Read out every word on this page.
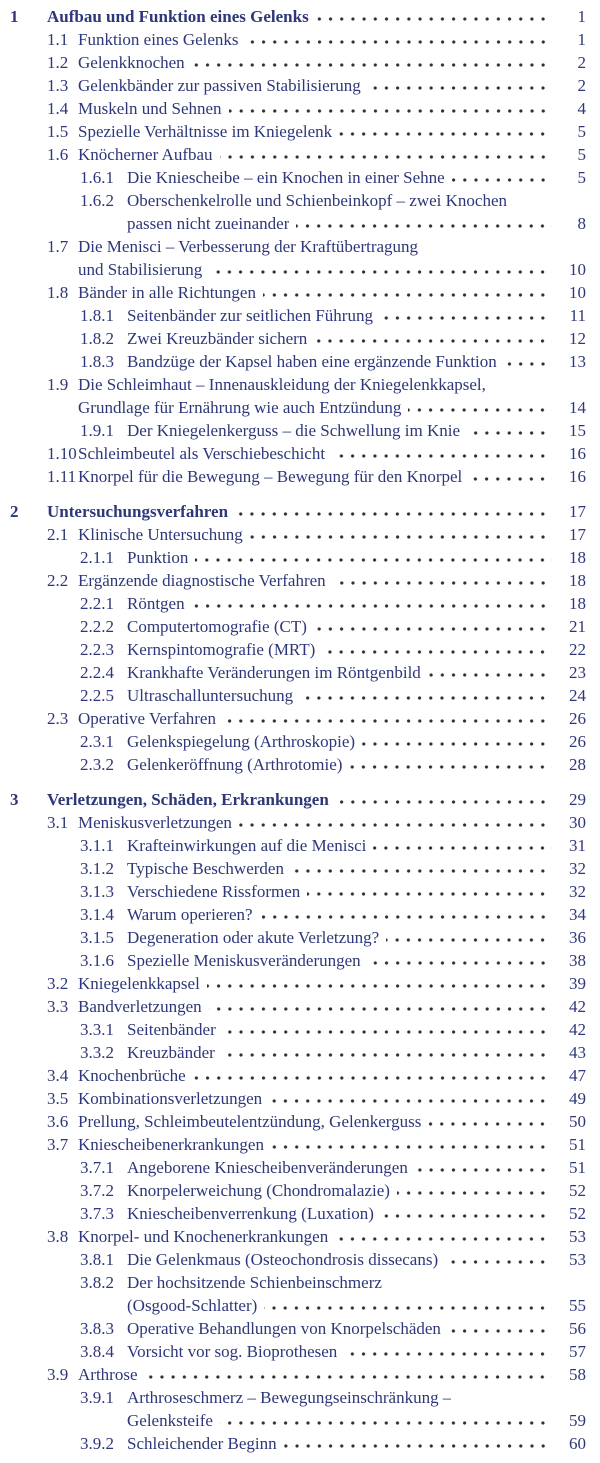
1	Aufbau und Funktion eines Gelenks	1
1.1 Funktion eines Gelenks	1
1.2 Gelenkknochen	2
1.3 Gelenkbänder zur passiven Stabilisierung	2
1.4 Muskeln und Sehnen	4
1.5 Spezielle Verhältnisse im Kniegelenk	5
1.6 Knöcherner Aufbau	5
1.6.1 Die Kniescheibe – ein Knochen in einer Sehne	5
1.6.2 Oberschenkelrolle und Schienbeinkopf – zwei Knochen
passen nicht zueinander	8
1.7 Die Menisci – Verbesserung der Kraftübertragung
und Stabilisierung	10
1.8 Bänder in alle Richtungen	10
1.8.1 Seitenbänder zur seitlichen Führung	11
1.8.2 Zwei Kreuzbänder sichern	12
1.8.3 Bandzüge der Kapsel haben eine ergänzende Funktion	13
1.9 Die Schleimhaut – Innenauskleidung der Kniegelenkkapsel,
Grundlage für Ernährung wie auch Entzündung	14
1.9.1 Der Kniegelenkerguss – die Schwellung im Knie	15
1.10 Schleimbeutel als Verschiebeschicht	16
1.11 Knorpel für die Bewegung – Bewegung für den Knorpel	16
2	Untersuchungsverfahren	17
2.1 Klinische Untersuchung	17
2.1.1 Punktion	18
2.2 Ergänzende diagnostische Verfahren	18
2.2.1 Röntgen	18
2.2.2 Computertomografie (CT)	21
2.2.3 Kernspintomografie (MRT)	22
2.2.4 Krankhafte Veränderungen im Röntgenbild	23
2.2.5 Ultraschalluntersuchung	24
2.3 Operative Verfahren	26
2.3.1 Gelenkspiegelung (Arthroskopie)	26
2.3.2 Gelenkeröffnung (Arthrotomie)	28
3	Verletzungen, Schäden, Erkrankungen	29
3.1 Meniskusverletzungen	30
3.1.1 Krafteinwirkungen auf die Menisci	31
3.1.2 Typische Beschwerden	32
3.1.3 Verschiedene Rissformen	32
3.1.4 Warum operieren?	34
3.1.5 Degeneration oder akute Verletzung?	36
3.1.6 Spezielle Meniskusveränderungen	38
3.2 Kniegelenkkapsel	39
3.3 Bandverletzungen	42
3.3.1 Seitenbänder	42
3.3.2 Kreuzbänder	43
3.4 Knochenbrüche	47
3.5 Kombinationsverletzungen	49
3.6 Prellung, Schleimbeutelentzündung, Gelenkerguss	50
3.7 Kniescheibenerkrankungen	51
3.7.1 Angeborene Kniescheibenveränderungen	51
3.7.2 Knorpelerweichung (Chondromalazie)	52
3.7.3 Kniescheibenverrenkung (Luxation)	52
3.8 Knorpel- und Knochenerkrankungen	53
3.8.1 Die Gelenkmaus (Osteochondrosis dissecans)	53
3.8.2 Der hochsitzende Schienbeinschmerz
(Osgood-Schlatter)	55
3.8.3 Operative Behandlungen von Knorpelschäden	56
3.8.4 Vorsicht vor sog. Bioprothesen	57
3.9 Arthrose	58
3.9.1 Arthroseschmerz – Bewegungseinschränkung –
Gelenksteife	59
3.9.2 Schleichender Beginn	60
